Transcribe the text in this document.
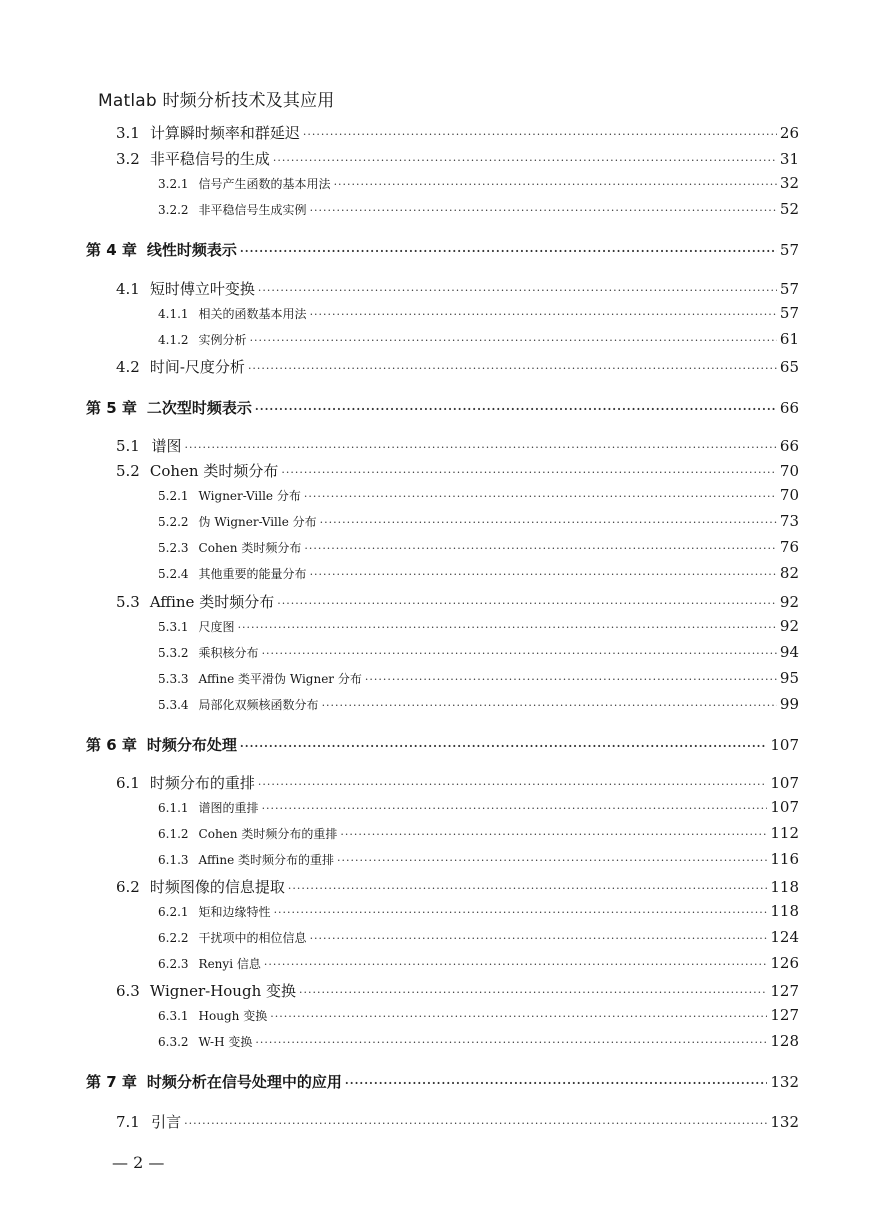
Matlab 时频分析技术及其应用
3.1 计算瞬时频率和群延迟 ·····	26
3.2 非平稳信号的生成 ·····	31
3.2.1 信号产生函数的基本用法 ·····	32
3.2.2 非平稳信号生成实例 ·····	52
第 4 章 线性时频表示 ·····	57
4.1 短时傅立叶变换 ·····	57
4.1.1 相关的函数基本用法 ·····	57
4.1.2 实例分析 ·····	61
4.2 时间-尺度分析 ·····	65
第 5 章 二次型时频表示 ·····	66
5.1 谱图 ·····	66
5.2 Cohen 类时频分布 ·····	70
5.2.1 Wigner-Ville 分布 ·····	70
5.2.2 伪 Wigner-Ville 分布 ·····	73
5.2.3 Cohen 类时频分布 ·····	76
5.2.4 其他重要的能量分布 ·····	82
5.3 Affine 类时频分布 ·····	92
5.3.1 尺度图 ·····	92
5.3.2 乘积核分布 ·····	94
5.3.3 Affine 类平滑伪 Wigner 分布 ·····	95
5.3.4 局部化双频核函数分布 ·····	99
第 6 章 时频分布处理 ·····	107
6.1 时频分布的重排 ·····	107
6.1.1 谱图的重排 ·····	107
6.1.2 Cohen 类时频分布的重排 ·····	112
6.1.3 Affine 类时频分布的重排 ·····	116
6.2 时频图像的信息提取 ·····	118
6.2.1 矩和边缘特性 ·····	118
6.2.2 干扰项中的相位信息 ·····	124
6.2.3 Renyi 信息 ·····	126
6.3 Wigner-Hough 变换 ·····	127
6.3.1 Hough 变换 ·····	127
6.3.2 W-H 变换 ·····	128
第 7 章 时频分析在信号处理中的应用 ·····	132
7.1 引言 ·····	132
— 2 —
